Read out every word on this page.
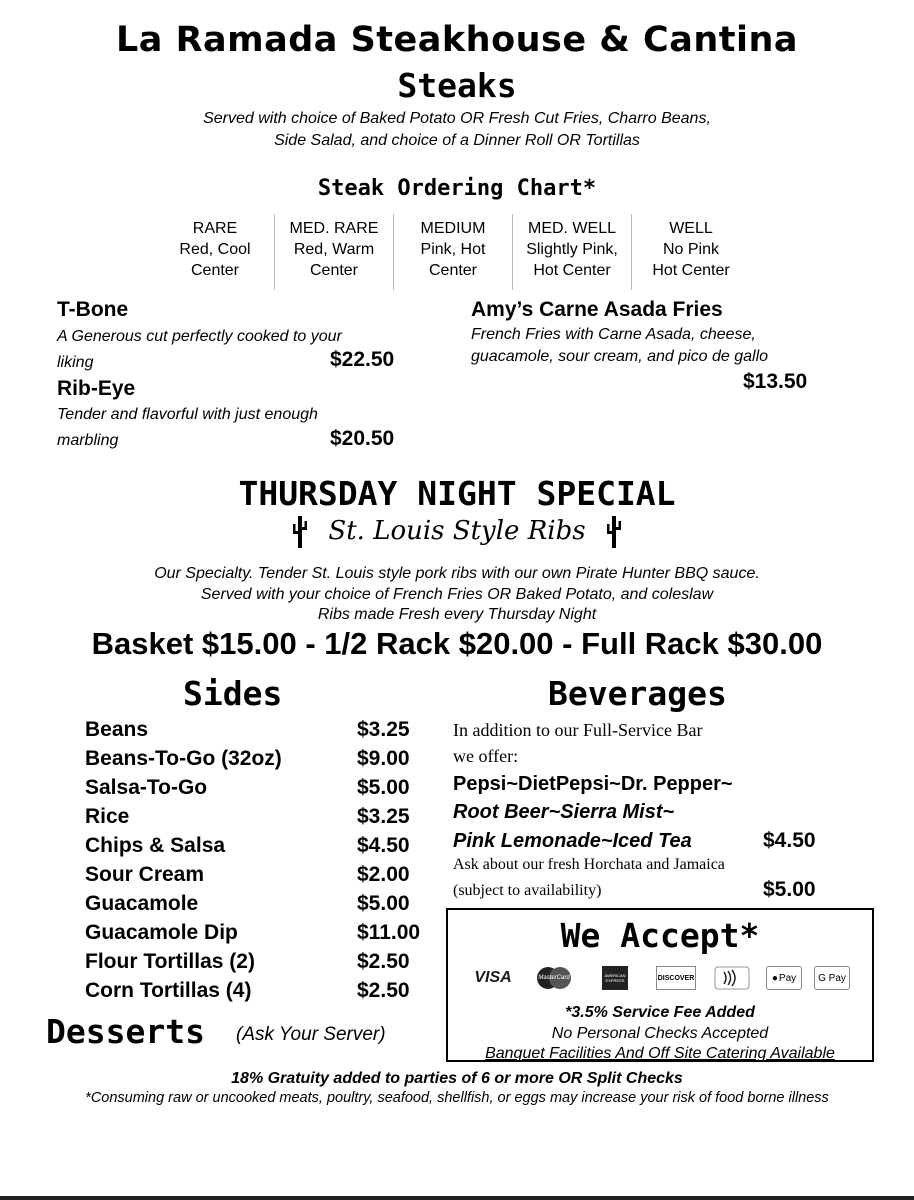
La Ramada Steakhouse & Cantina
Steaks
Served with choice of Baked Potato OR Fresh Cut Fries, Charro Beans,
Side Salad, and choice of a Dinner Roll OR Tortillas
Steak Ordering Chart*
RARE
Red, Cool
Center
MED. RARE
Red, Warm
Center
MEDIUM
Pink, Hot
Center
MED. WELL
Slightly Pink,
Hot Center
WELL
No Pink
Hot Center
T-Bone
A Generous cut perfectly cooked to your
liking	$22.50
Rib-Eye
Tender and flavorful with just enough
marbling	$20.50
Amy’s Carne Asada Fries
French Fries with Carne Asada, cheese,
guacamole, sour cream, and pico de gallo
$13.50
THURSDAY NIGHT SPECIAL
St. Louis Style Ribs
Our Specialty. Tender St. Louis style pork ribs with our own Pirate Hunter BBQ sauce.
Served with your choice of French Fries OR Baked Potato, and coleslaw
Ribs made Fresh every Thursday Night
Basket $15.00 - 1/2 Rack $20.00 - Full Rack $30.00
Sides
Beans	$3.25
Beans-To-Go (32oz)	$9.00
Salsa-To-Go	$5.00
Rice	$3.25
Chips & Salsa	$4.50
Sour Cream	$2.00
Guacamole	$5.00
Guacamole Dip	$11.00
Flour Tortillas (2)	$2.50
Corn Tortillas (4)	$2.50
Beverages
In addition to our Full-Service Bar
we offer:
Pepsi~DietPepsi~Dr. Pepper~
Root Beer~Sierra Mist~
Pink Lemonade~Iced Tea	$4.50
Ask about our fresh Horchata and Jamaica
(subject to availability)	$5.00
Desserts (Ask Your Server)
We Accept*
VISA	MasterCard	AMERICAN EXPRESS	DISCOVER	● Pay G Pay
*3.5% Service Fee Added
No Personal Checks Accepted
Banquet Facilities And Off Site Catering Available
18% Gratuity added to parties of 6 or more OR Split Checks
*Consuming raw or uncooked meats, poultry, seafood, shellfish, or eggs may increase your risk of food borne illness
